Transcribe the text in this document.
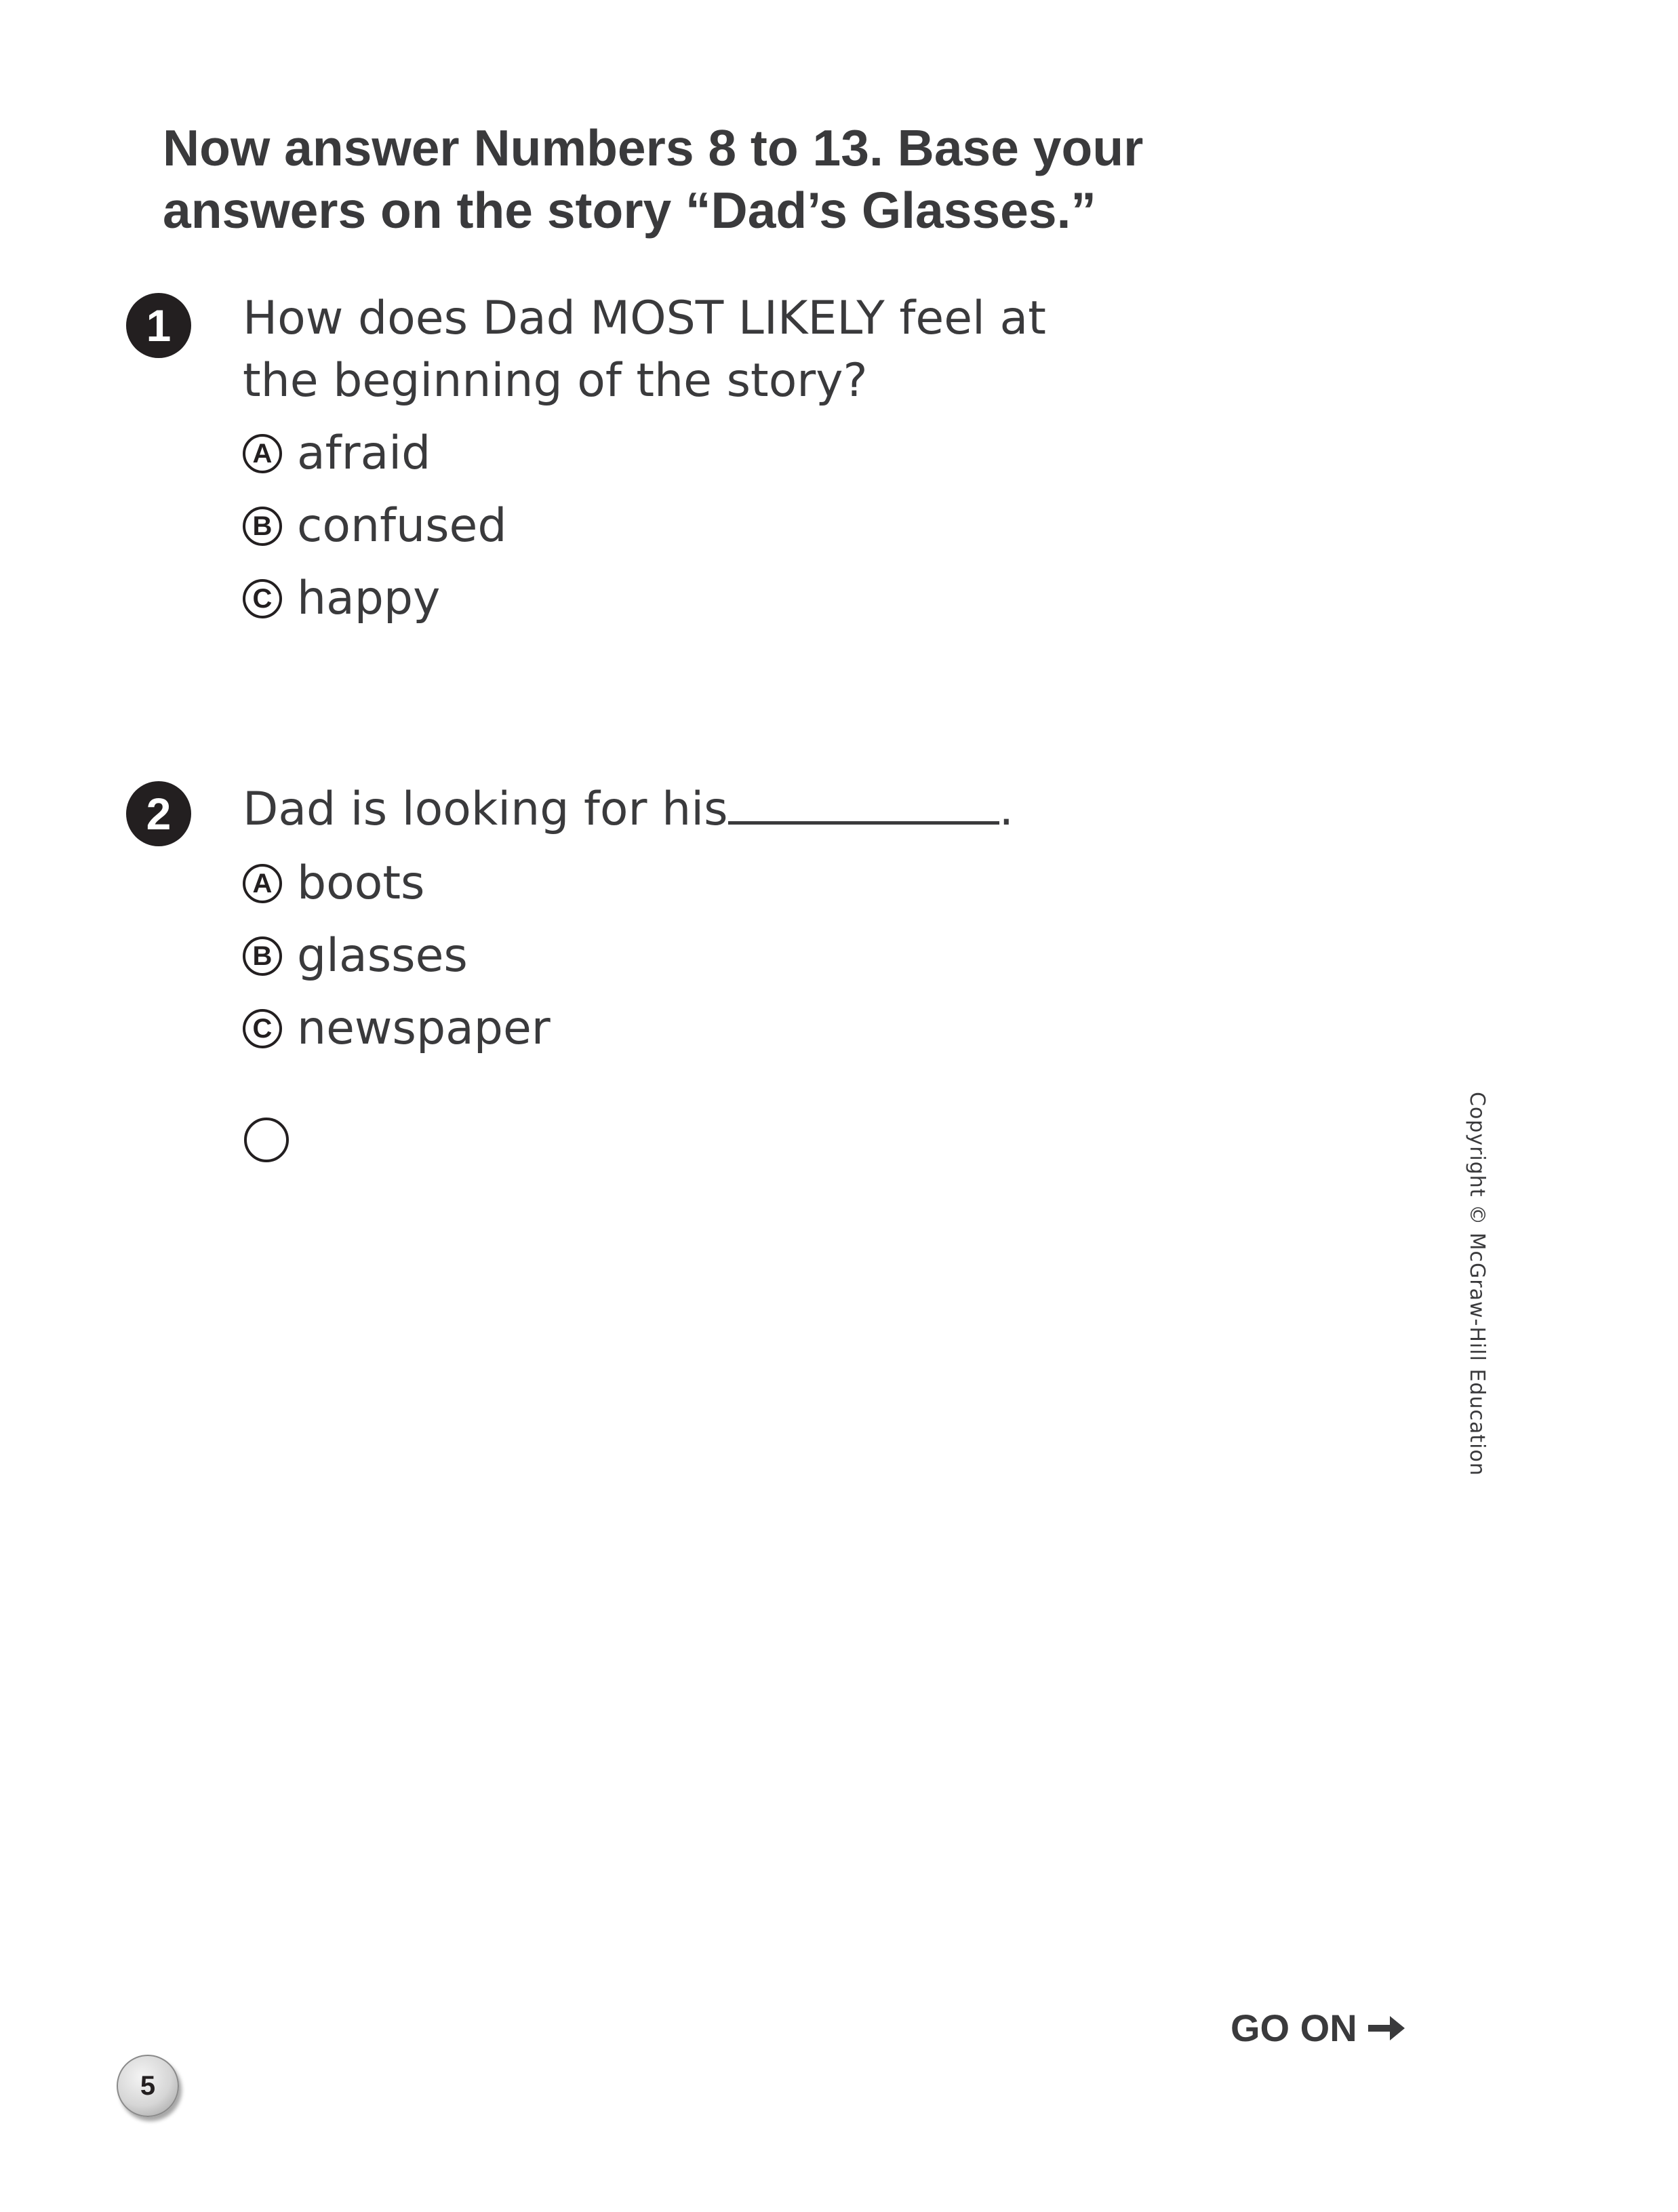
Now answer Numbers 8 to 13. Base your
answers on the story “Dad’s Glasses.”
1	How does Dad MOST LIKELY feel at
the beginning of the story?
A afraid
B confused
C happy
2	Dad is looking for his	.
A boots
B glasses
C newspaper
Copyright © McGraw-Hill Education
GO ON
5
